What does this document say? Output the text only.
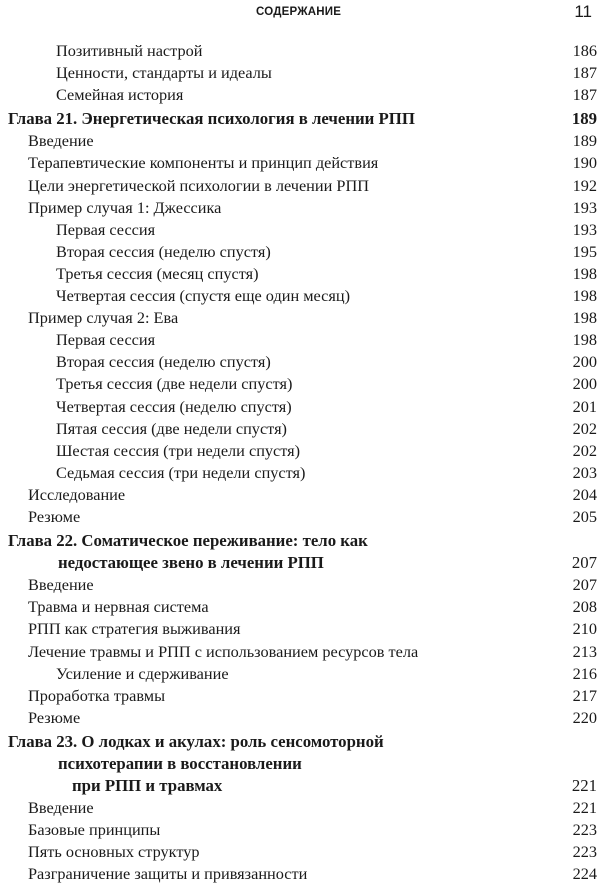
СОДЕРЖАНИЕ	11
Позитивный настрой	186
Ценности, стандарты и идеалы	187
Семейная история	187
Глава 21. Энергетическая психология в лечении РПП	189
Введение	189
Терапевтические компоненты и принцип действия	190
Цели энергетической психологии в лечении РПП	192
Пример случая 1: Джессика	193
Первая сессия	193
Вторая сессия (неделю спустя)	195
Третья сессия (месяц спустя)	198
Четвертая сессия (спустя еще один месяц)	198
Пример случая 2: Ева	198
Первая сессия	198
Вторая сессия (неделю спустя)	200
Третья сессия (две недели спустя)	200
Четвертая сессия (неделю спустя)	201
Пятая сессия (две недели спустя)	202
Шестая сессия (три недели спустя)	202
Седьмая сессия (три недели спустя)	203
Исследование	204
Резюме	205
Глава 22. Соматическое переживание: тело как
недостающее звено в лечении РПП	207
Введение	207
Травма и нервная система	208
РПП как стратегия выживания	210
Лечение травмы и РПП с использованием ресурсов тела	213
Усиление и сдерживание	216
Проработка травмы	217
Резюме	220
Глава 23. О лодках и акулах: роль сенсомоторной
психотерапии в восстановлении
при РПП и травмах	221
Введение	221
Базовые принципы	223
Пять основных структур	223
Разграничение защиты и привязанности	224
